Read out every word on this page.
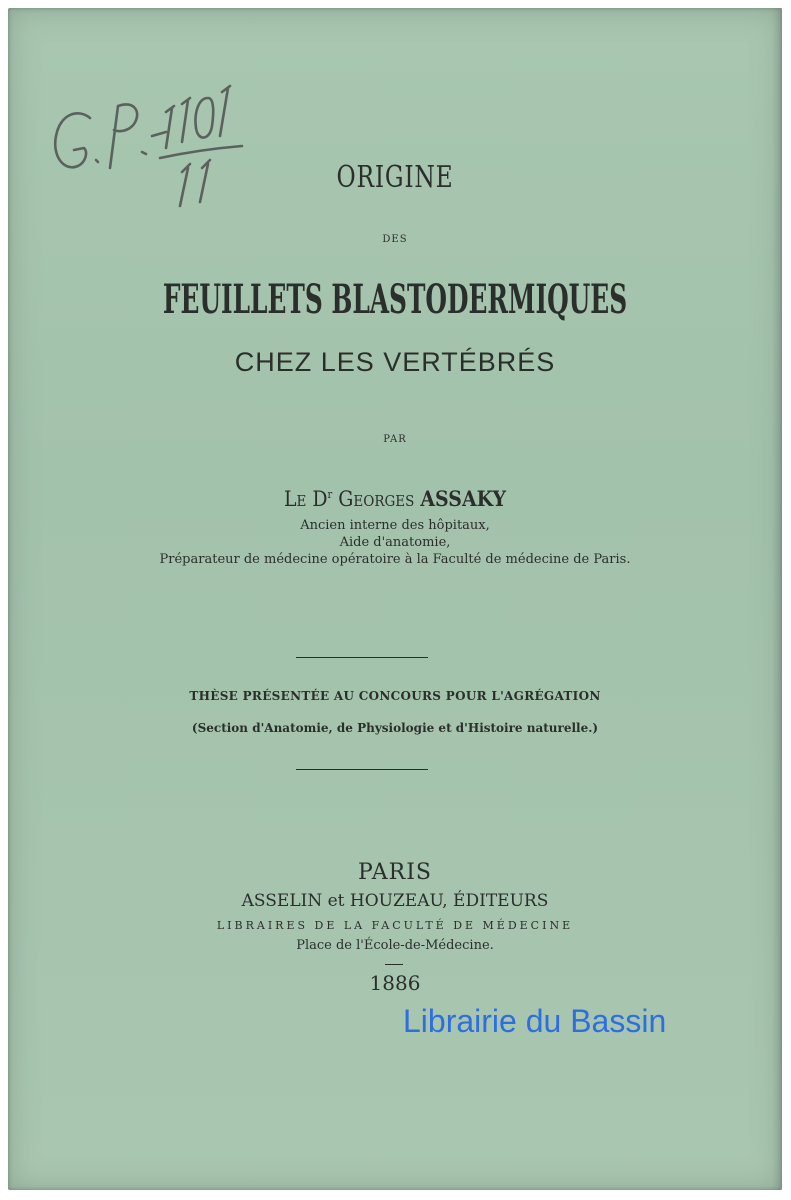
ORIGINE
DES
FEUILLETS BLASTODERMIQUES
CHEZ LES VERTÉBRÉS
PAR
Le $D^r$ Georges ASSAKY
Ancien interne des hôpitaux,
Aide d'anatomie,
Préparateur de médecine opératoire à la Faculté de médecine de Paris.
THÈSE PRÉSENTÉE AU CONCOURS POUR L'AGRÉGATION
(Section d'Anatomie, de Physiologie et d'Histoire naturelle.)
PARIS
ASSELIN et HOUZEAU, ÉDITEURS
LIBRAIRES DE LA FACULTÉ DE MÉDECINE
Place de l'École-de-Médecine.
1886
Librairie du Bassin
